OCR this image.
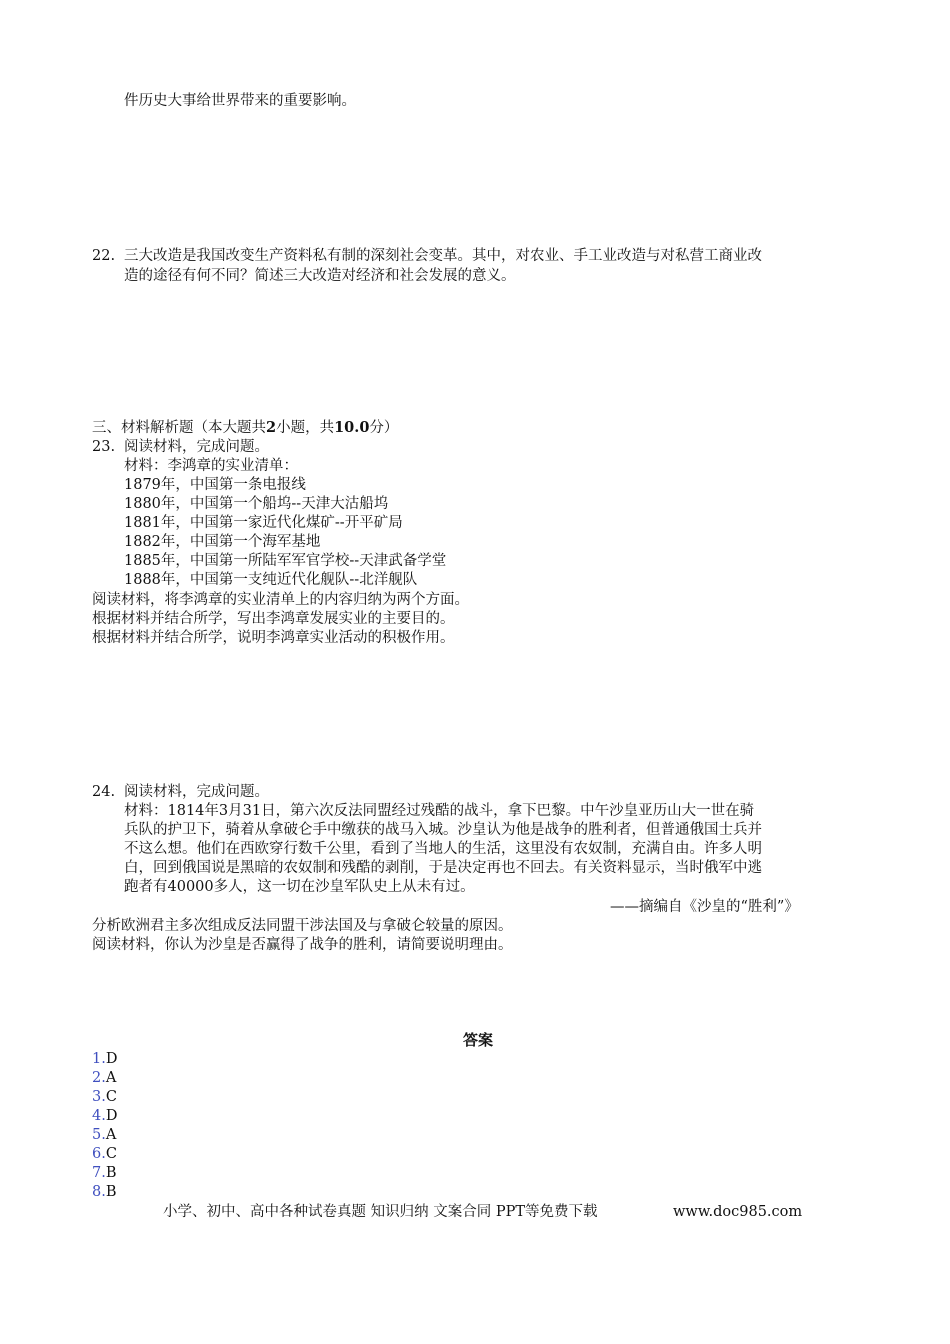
件历史大事给世界带来的重要影响。
22. 三大改造是我国改变生产资料私有制的深刻社会变革。其中，对农业、手工业改造与对私营工商业改
造的途径有何不同？简述三大改造对经济和社会发展的意义。
三、材料解析题（本大题共2小题，共10.0分）
23. 阅读材料，完成问题。
材料：李鸿章的实业清单：
1879年，中国第一条电报线
1880年，中国第一个船坞--天津大沽船坞
1881年，中国第一家近代化煤矿--开平矿局
1882年，中国第一个海军基地
1885年，中国第一所陆军军官学校--天津武备学堂
1888年，中国第一支纯近代化舰队--北洋舰队
阅读材料，将李鸿章的实业清单上的内容归纳为两个方面。
根据材料并结合所学，写出李鸿章发展实业的主要目的。
根据材料并结合所学，说明李鸿章实业活动的积极作用。
24. 阅读材料，完成问题。
材料：1814年3月31日，第六次反法同盟经过残酷的战斗，拿下巴黎。中午沙皇亚历山大一世在骑
兵队的护卫下，骑着从拿破仑手中缴获的战马入城。沙皇认为他是战争的胜利者，但普通俄国士兵并
不这么想。他们在西欧穿行数千公里，看到了当地人的生活，这里没有农奴制，充满自由。许多人明
白，回到俄国说是黑暗的农奴制和残酷的剥削，于是决定再也不回去。有关资料显示，当时俄军中逃
跑者有40000多人，这一切在沙皇军队史上从未有过。
——摘编自《沙皇的“胜利”》
分析欧洲君主多次组成反法同盟干涉法国及与拿破仑较量的原因。
阅读材料，你认为沙皇是否赢得了战争的胜利，请简要说明理由。
答案
1.D
2.A
3.C
4.D
5.A
6.C
7.B
8.B
小学、初中、高中各种试卷真题 知识归纳 文案合同 PPT等免费下载	www.doc985.com
